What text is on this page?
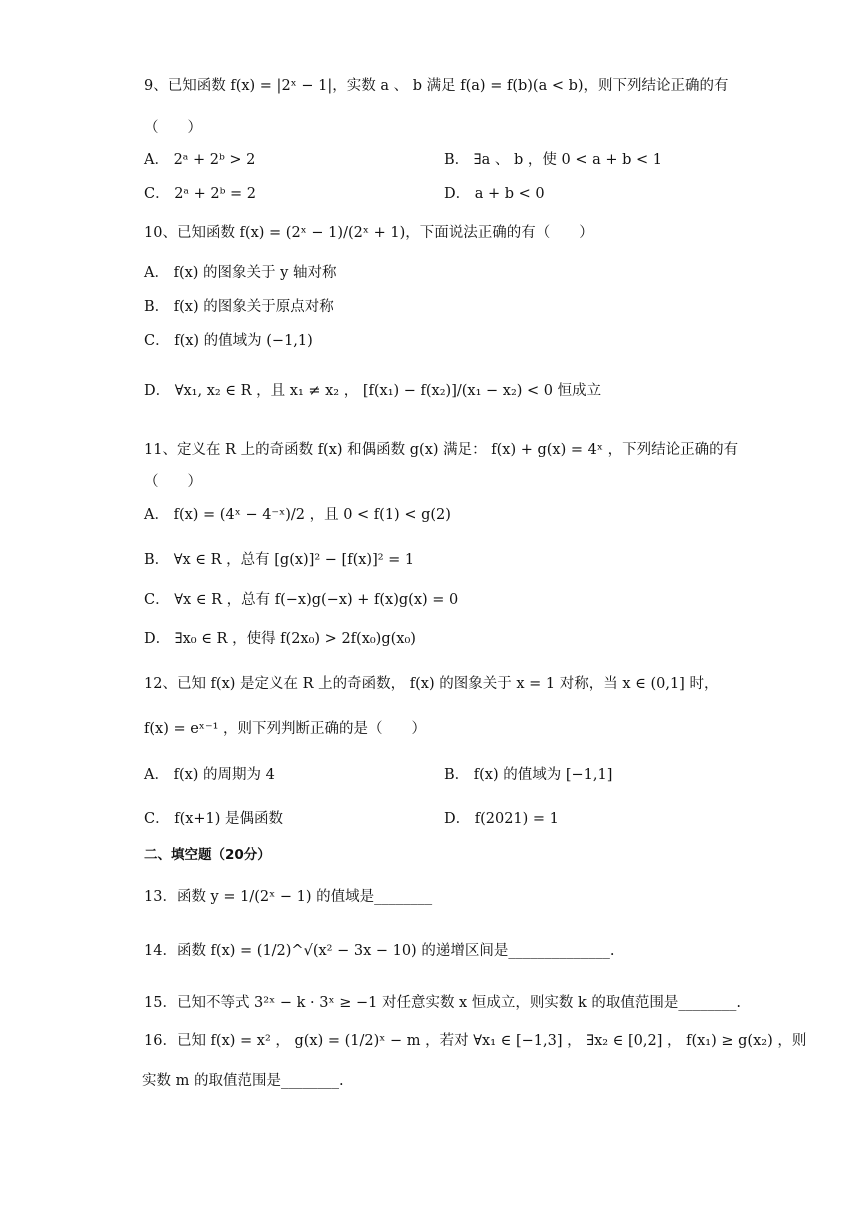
9、已知函数 f(x) = |2ˣ − 1|，实数 a 、 b 满足 f(a) = f(b)(a < b)，则下列结论正确的有
（　　）
A． 2ᵃ + 2ᵇ > 2	B． ∃a 、 b ，使 0 < a + b < 1
C． 2ᵃ + 2ᵇ = 2	D． a + b < 0
10、已知函数 f(x) = (2ˣ − 1)/(2ˣ + 1)，下面说法正确的有（　　）
A． f(x) 的图象关于 y 轴对称
B． f(x) 的图象关于原点对称
C． f(x) 的值域为 (−1,1)
D． ∀x₁, x₂ ∈ R ，且 x₁ ≠ x₂ ， [f(x₁) − f(x₂)]/(x₁ − x₂) < 0 恒成立
11、定义在 R 上的奇函数 f(x) 和偶函数 g(x) 满足： f(x) + g(x) = 4ˣ ，下列结论正确的有
（　　）
A． f(x) = (4ˣ − 4⁻ˣ)/2 ，且 0 < f(1) < g(2)
B． ∀x ∈ R ，总有 [g(x)]² − [f(x)]² = 1
C． ∀x ∈ R ，总有 f(−x)g(−x) + f(x)g(x) = 0
D． ∃x₀ ∈ R ，使得 f(2x₀) > 2f(x₀)g(x₀)
12、已知 f(x) 是定义在 R 上的奇函数， f(x) 的图象关于 x = 1 对称，当 x ∈ (0,1] 时，
f(x) = eˣ⁻¹ ，则下列判断正确的是（　　）
A． f(x) 的周期为 4	B． f(x) 的值域为 [−1,1]
C． f(x+1) 是偶函数	D． f(2021) = 1
二、填空题（20分）
13．函数 y = 1/(2ˣ − 1) 的值域是________
14．函数 f(x) = (1/2)^√(x² − 3x − 10) 的递增区间是______________.
15．已知不等式 3²ˣ − k · 3ˣ ≥ −1 对任意实数 x 恒成立，则实数 k 的取值范围是________.
16．已知 f(x) = x² ， g(x) = (1/2)ˣ − m ，若对 ∀x₁ ∈ [−1,3] ， ∃x₂ ∈ [0,2] ， f(x₁) ≥ g(x₂) ，则
实数 m 的取值范围是________.
